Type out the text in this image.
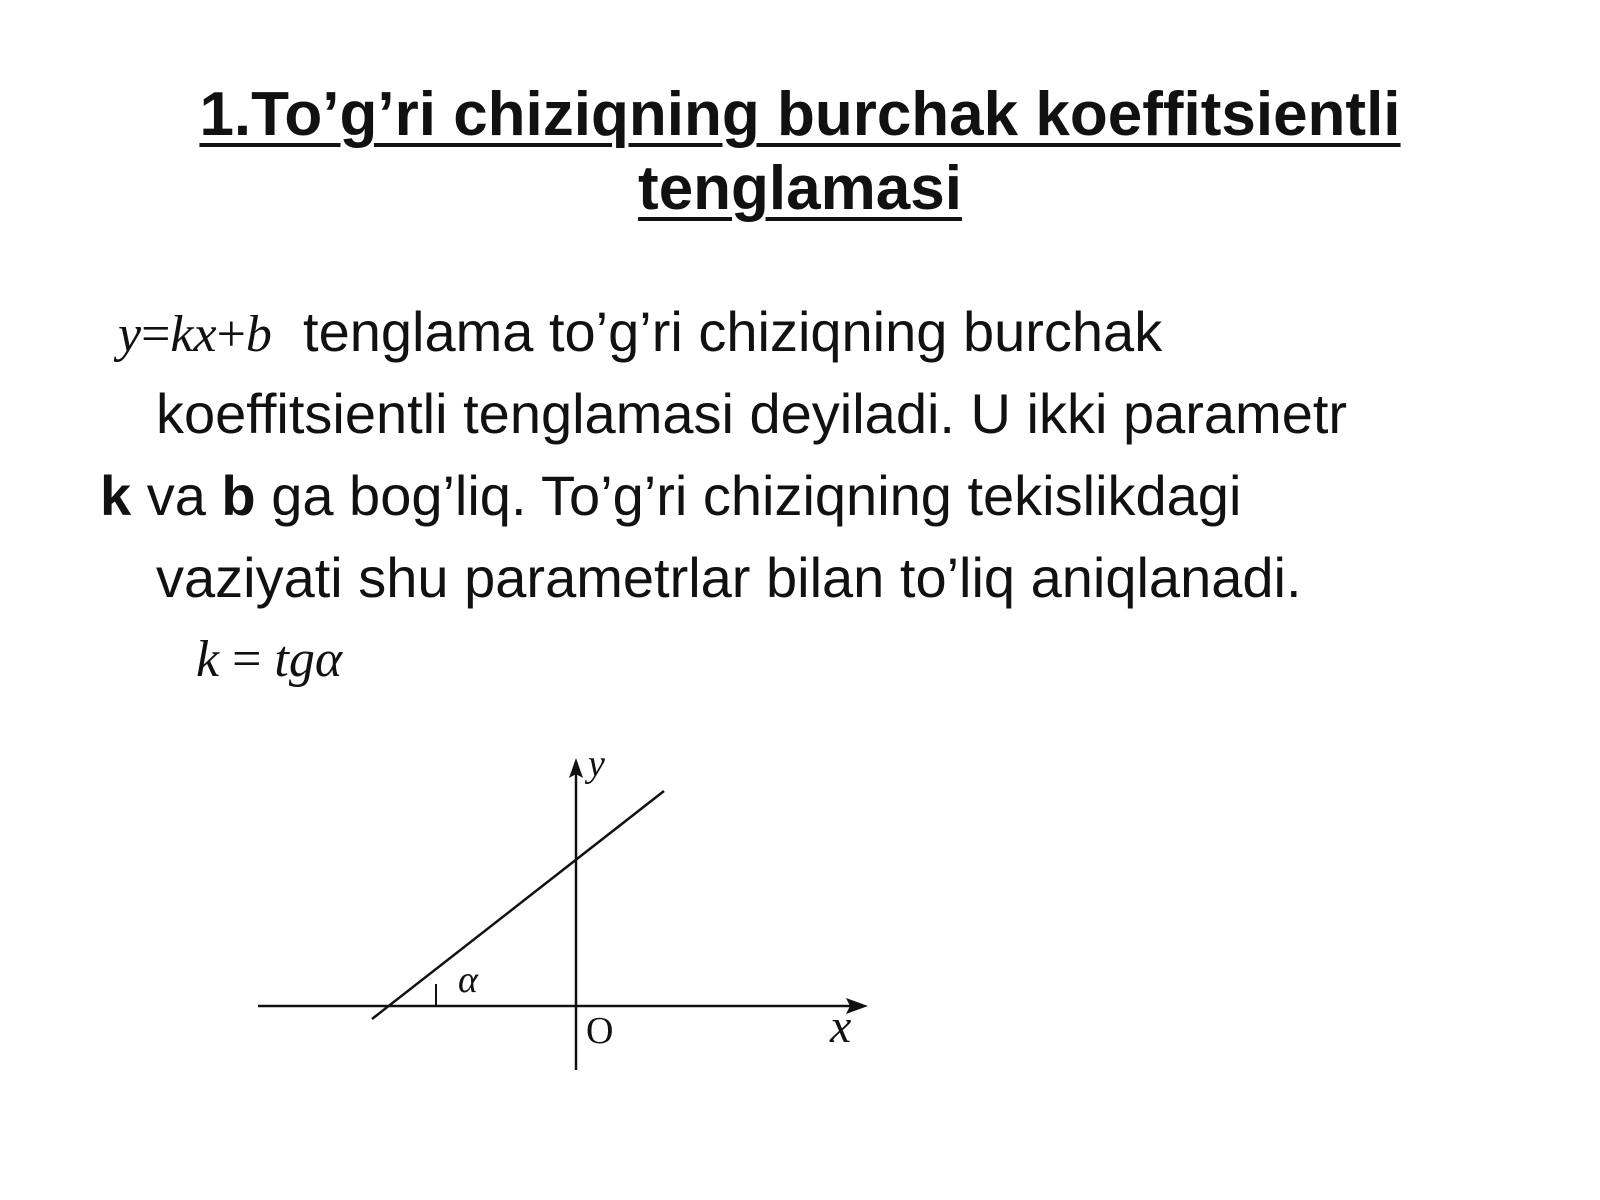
1.To’g’ri chiziqning burchak koeffitsientli
tenglamasi
y=kx+b tenglama to’g’ri chiziqning burchak
koeffitsientli tenglamasi deyiladi. U ikki parametr
k va b ga bog’liq. To’g’ri chiziqning tekislikdagi
vaziyati shu parametrlar bilan to’liq aniqlanadi.
k = tgα
y
x
O
α
